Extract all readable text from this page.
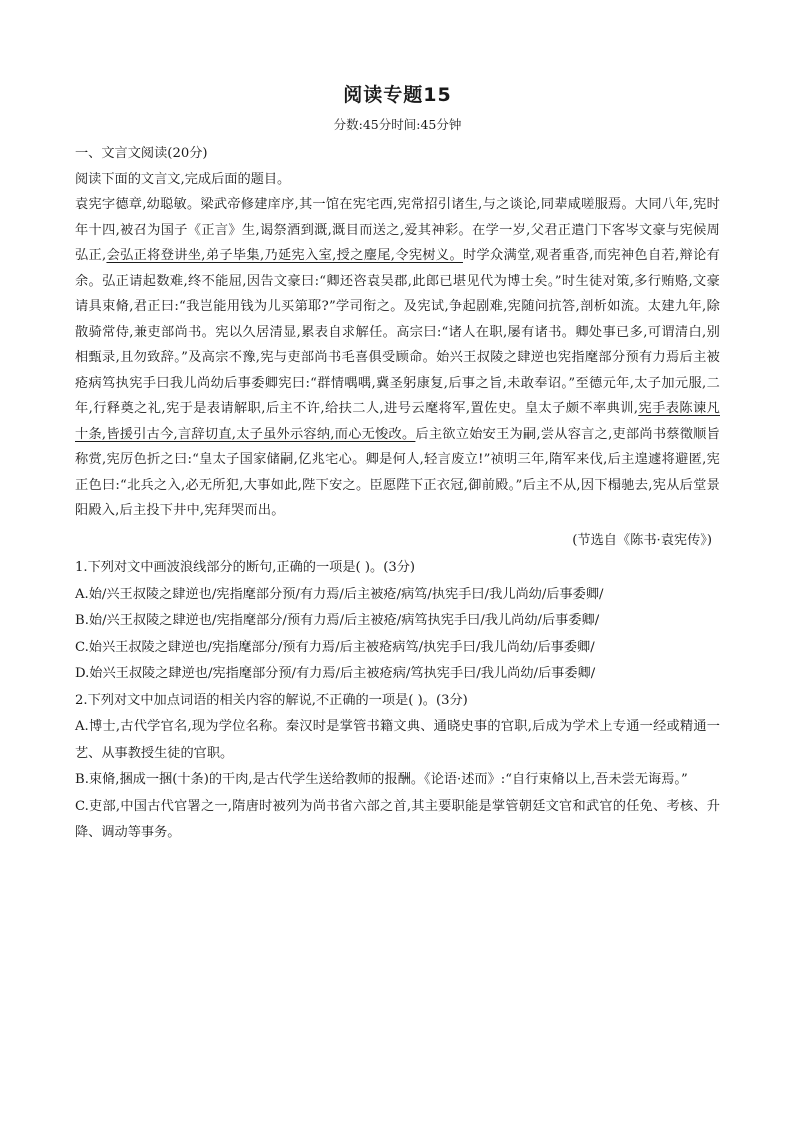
阅读专题15
分数:45分时间:45分钟

一、文言文阅读(20分)

阅读下面的文言文,完成后面的题目。

袁宪字德章,幼聪敏。梁武帝修建庠序,其一馆在宪宅西,宪常招引诸生,与之谈论,同辈咸嗟服焉。大同八年,宪时年十四,被召为国子《正言》生,谒祭酒到溉,溉目而送之,爱其神彩。在学一岁,父君正遣门下客岑文豪与宪候周弘正,会弘正将登讲坐,弟子毕集,乃延宪入室,授之麈尾,令宪树义。时学众满堂,观者重沓,而宪神色自若,辩论有余。弘正请起数难,终不能屈,因告文豪曰:“卿还咨袁吴郡,此郎已堪见代为博士矣。”时生徒对策,多行贿赂,文豪请具束脩,君正曰:“我岂能用钱为儿买第耶?”学司衔之。及宪试,争起剧难,宪随问抗答,剖析如流。太建九年,除散骑常侍,兼吏部尚书。宪以久居清显,累表自求解任。高宗曰:“诸人在职,屡有诸书。卿处事已多,可谓清白,别相甄录,且勿致辞。”及高宗不豫,宪与吏部尚书毛喜俱受顾命。始兴王叔陵之肆逆也宪指麾部分预有力焉后主被疮病笃执宪手曰我儿尚幼后事委卿宪曰:“群情喁喁,冀圣躬康复,后事之旨,未敢奉诏。”至德元年,太子加元服,二年,行释奠之礼,宪于是表请解职,后主不许,给扶二人,进号云麾将军,置佐史。皇太子颇不率典训,宪手表陈谏凡十条,皆援引古今,言辞切直,太子虽外示容纳,而心无悛改。后主欲立始安王为嗣,尝从容言之,吏部尚书蔡徵顺旨称赏,宪厉色折之曰:“皇太子国家储嗣,亿兆宅心。卿是何人,轻言废立!”祯明三年,隋军来伐,后主遑遽将避匿,宪正色曰:“北兵之入,必无所犯,大事如此,陛下安之。臣愿陛下正衣冠,御前殿。”后主不从,因下榻驰去,宪从后堂景阳殿入,后主投下井中,宪拜哭而出。

(节选自《陈书·袁宪传》)

1.下列对文中画波浪线部分的断句,正确的一项是( )。(3分)

A.始/兴王叔陵之肆逆也/宪指麾部分预/有力焉/后主被疮/病笃/执宪手曰/我儿尚幼/后事委卿/

B.始/兴王叔陵之肆逆也/宪指麾部分/预有力焉/后主被疮/病笃执宪手曰/我儿尚幼/后事委卿/

C.始兴王叔陵之肆逆也/宪指麾部分/预有力焉/后主被疮病笃/执宪手曰/我儿尚幼/后事委卿/

D.始兴王叔陵之肆逆也/宪指麾部分预/有力焉/后主被疮病/笃执宪手曰/我儿尚幼/后事委卿/

2.下列对文中加点词语的相关内容的解说,不正确的一项是( )。(3分)

A.博士,古代学官名,现为学位名称。秦汉时是掌管书籍文典、通晓史事的官职,后成为学术上专通一经或精通一艺、从事教授生徒的官职。

B.束脩,捆成一捆(十条)的干肉,是古代学生送给教师的报酬。《论语·述而》:“自行束脩以上,吾未尝无诲焉。”

C.吏部,中国古代官署之一,隋唐时被列为尚书省六部之首,其主要职能是掌管朝廷文官和武官的任免、考核、升降、调动等事务。
